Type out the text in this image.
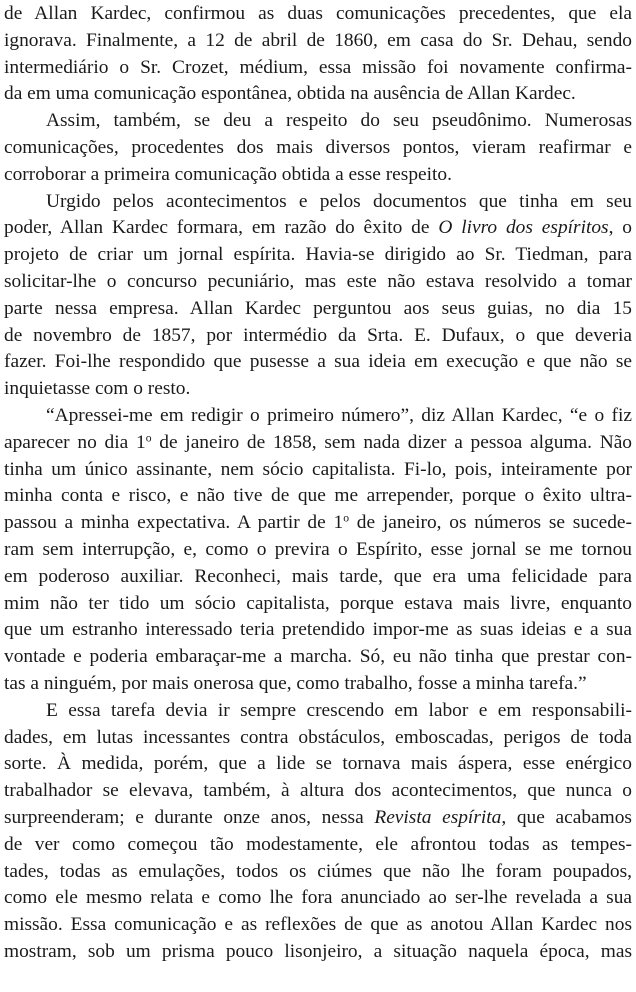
de Allan Kardec, confirmou as duas comunicações precedentes, que ela
ignorava. Finalmente, a 12 de abril de 1860, em casa do Sr. Dehau, sendo
intermediário o Sr. Crozet, médium, essa missão foi novamente confirma-
da em uma comunicação espontânea, obtida na ausência de Allan Kardec.
Assim, também, se deu a respeito do seu pseudônimo. Numerosas
comunicações, procedentes dos mais diversos pontos, vieram reafirmar e
corroborar a primeira comunicação obtida a esse respeito.
Urgido pelos acontecimentos e pelos documentos que tinha em seu
poder, Allan Kardec formara, em razão do êxito de O livro dos espíritos, o
projeto de criar um jornal espírita. Havia-se dirigido ao Sr. Tiedman, para
solicitar-lhe o concurso pecuniário, mas este não estava resolvido a tomar
parte nessa empresa. Allan Kardec perguntou aos seus guias, no dia 15
de novembro de 1857, por intermédio da Srta. E. Dufaux, o que deveria
fazer. Foi-lhe respondido que pusesse a sua ideia em execução e que não se
inquietasse com o resto.
“Apressei-me em redigir o primeiro número”, diz Allan Kardec, “e o fiz
aparecer no dia 1$^o$ de janeiro de 1858, sem nada dizer a pessoa alguma. Não
tinha um único assinante, nem sócio capitalista. Fi-lo, pois, inteiramente por
minha conta e risco, e não tive de que me arrepender, porque o êxito ultra-
passou a minha expectativa. A partir de 1$^o$ de janeiro, os números se sucede-
ram sem interrupção, e, como o previra o Espírito, esse jornal se me tornou
em poderoso auxiliar. Reconheci, mais tarde, que era uma felicidade para
mim não ter tido um sócio capitalista, porque estava mais livre, enquanto
que um estranho interessado teria pretendido impor-me as suas ideias e a sua
vontade e poderia embaraçar-me a marcha. Só, eu não tinha que prestar con-
tas a ninguém, por mais onerosa que, como trabalho, fosse a minha tarefa.”
E essa tarefa devia ir sempre crescendo em labor e em responsabili-
dades, em lutas incessantes contra obstáculos, emboscadas, perigos de toda
sorte. À medida, porém, que a lide se tornava mais áspera, esse enérgico
trabalhador se elevava, também, à altura dos acontecimentos, que nunca o
surpreenderam; e durante onze anos, nessa Revista espírita, que acabamos
de ver como começou tão modestamente, ele afrontou todas as tempes-
tades, todas as emulações, todos os ciúmes que não lhe foram poupados,
como ele mesmo relata e como lhe fora anunciado ao ser-lhe revelada a sua
missão. Essa comunicação e as reflexões de que as anotou Allan Kardec nos
mostram, sob um prisma pouco lisonjeiro, a situação naquela época, mas
